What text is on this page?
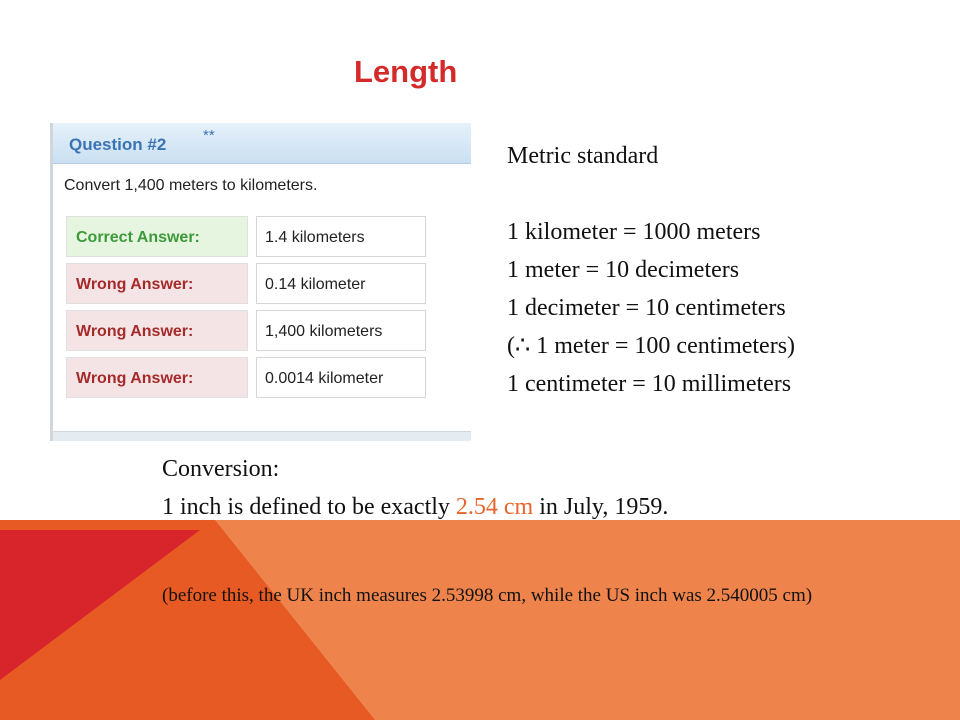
Length
Question #2 **
Convert 1,400 meters to kilometers.
Correct Answer:	1.4 kilometers
Wrong Answer:	0.14 kilometer
Wrong Answer:	1,400 kilometers
Wrong Answer:	0.0014 kilometer
Metric standard
1 kilometer = 1000 meters
1 meter = 10 decimeters
1 decimeter = 10 centimeters
(∴ 1 meter = 100 centimeters)
1 centimeter = 10 millimeters
Conversion:
1 inch is defined to be exactly 2.54 cm in July, 1959.
(before this, the UK inch measures 2.53998 cm, while the US inch was 2.540005 cm)
